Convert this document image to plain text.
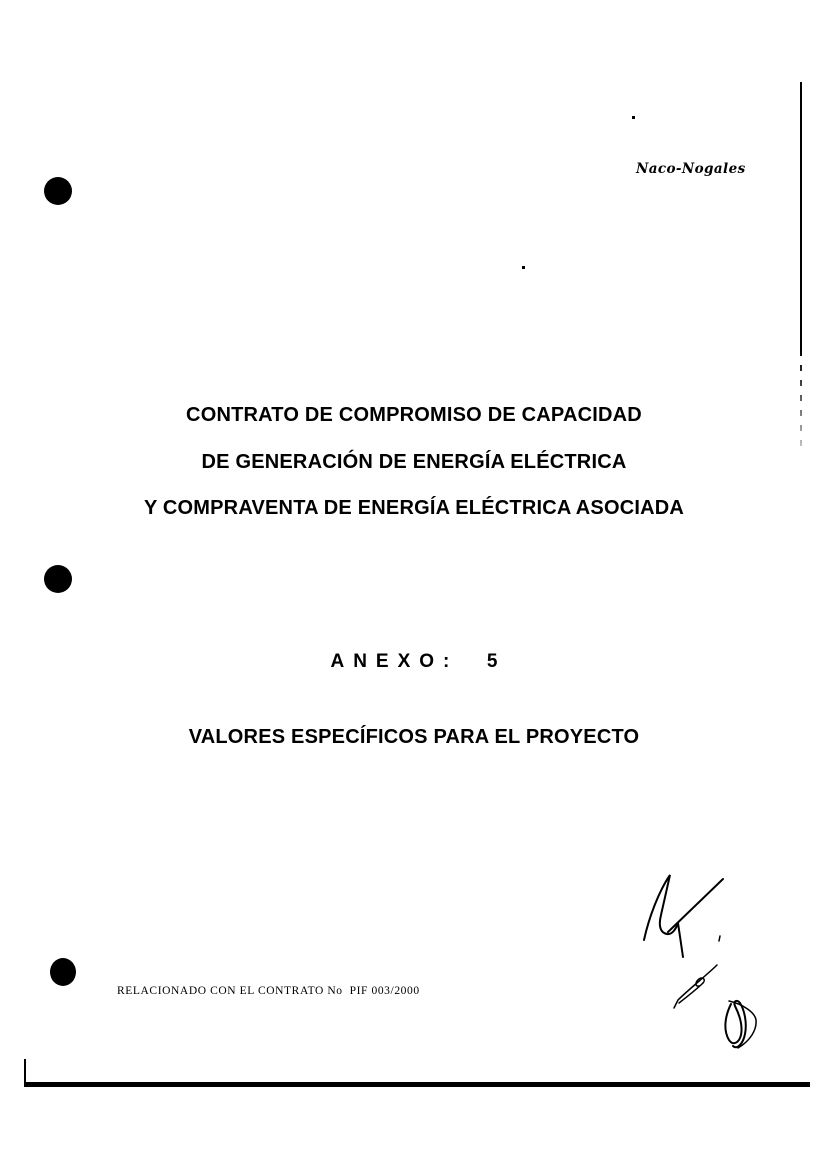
Naco-Nogales
CONTRATO DE COMPROMISO DE CAPACIDAD
DE GENERACIÓN DE ENERGÍA ELÉCTRICA
Y COMPRAVENTA DE ENERGÍA ELÉCTRICA ASOCIADA
ANEXO:  5
VALORES ESPECÍFICOS PARA EL PROYECTO
RELACIONADO CON EL CONTRATO No  PIF 003/2000
